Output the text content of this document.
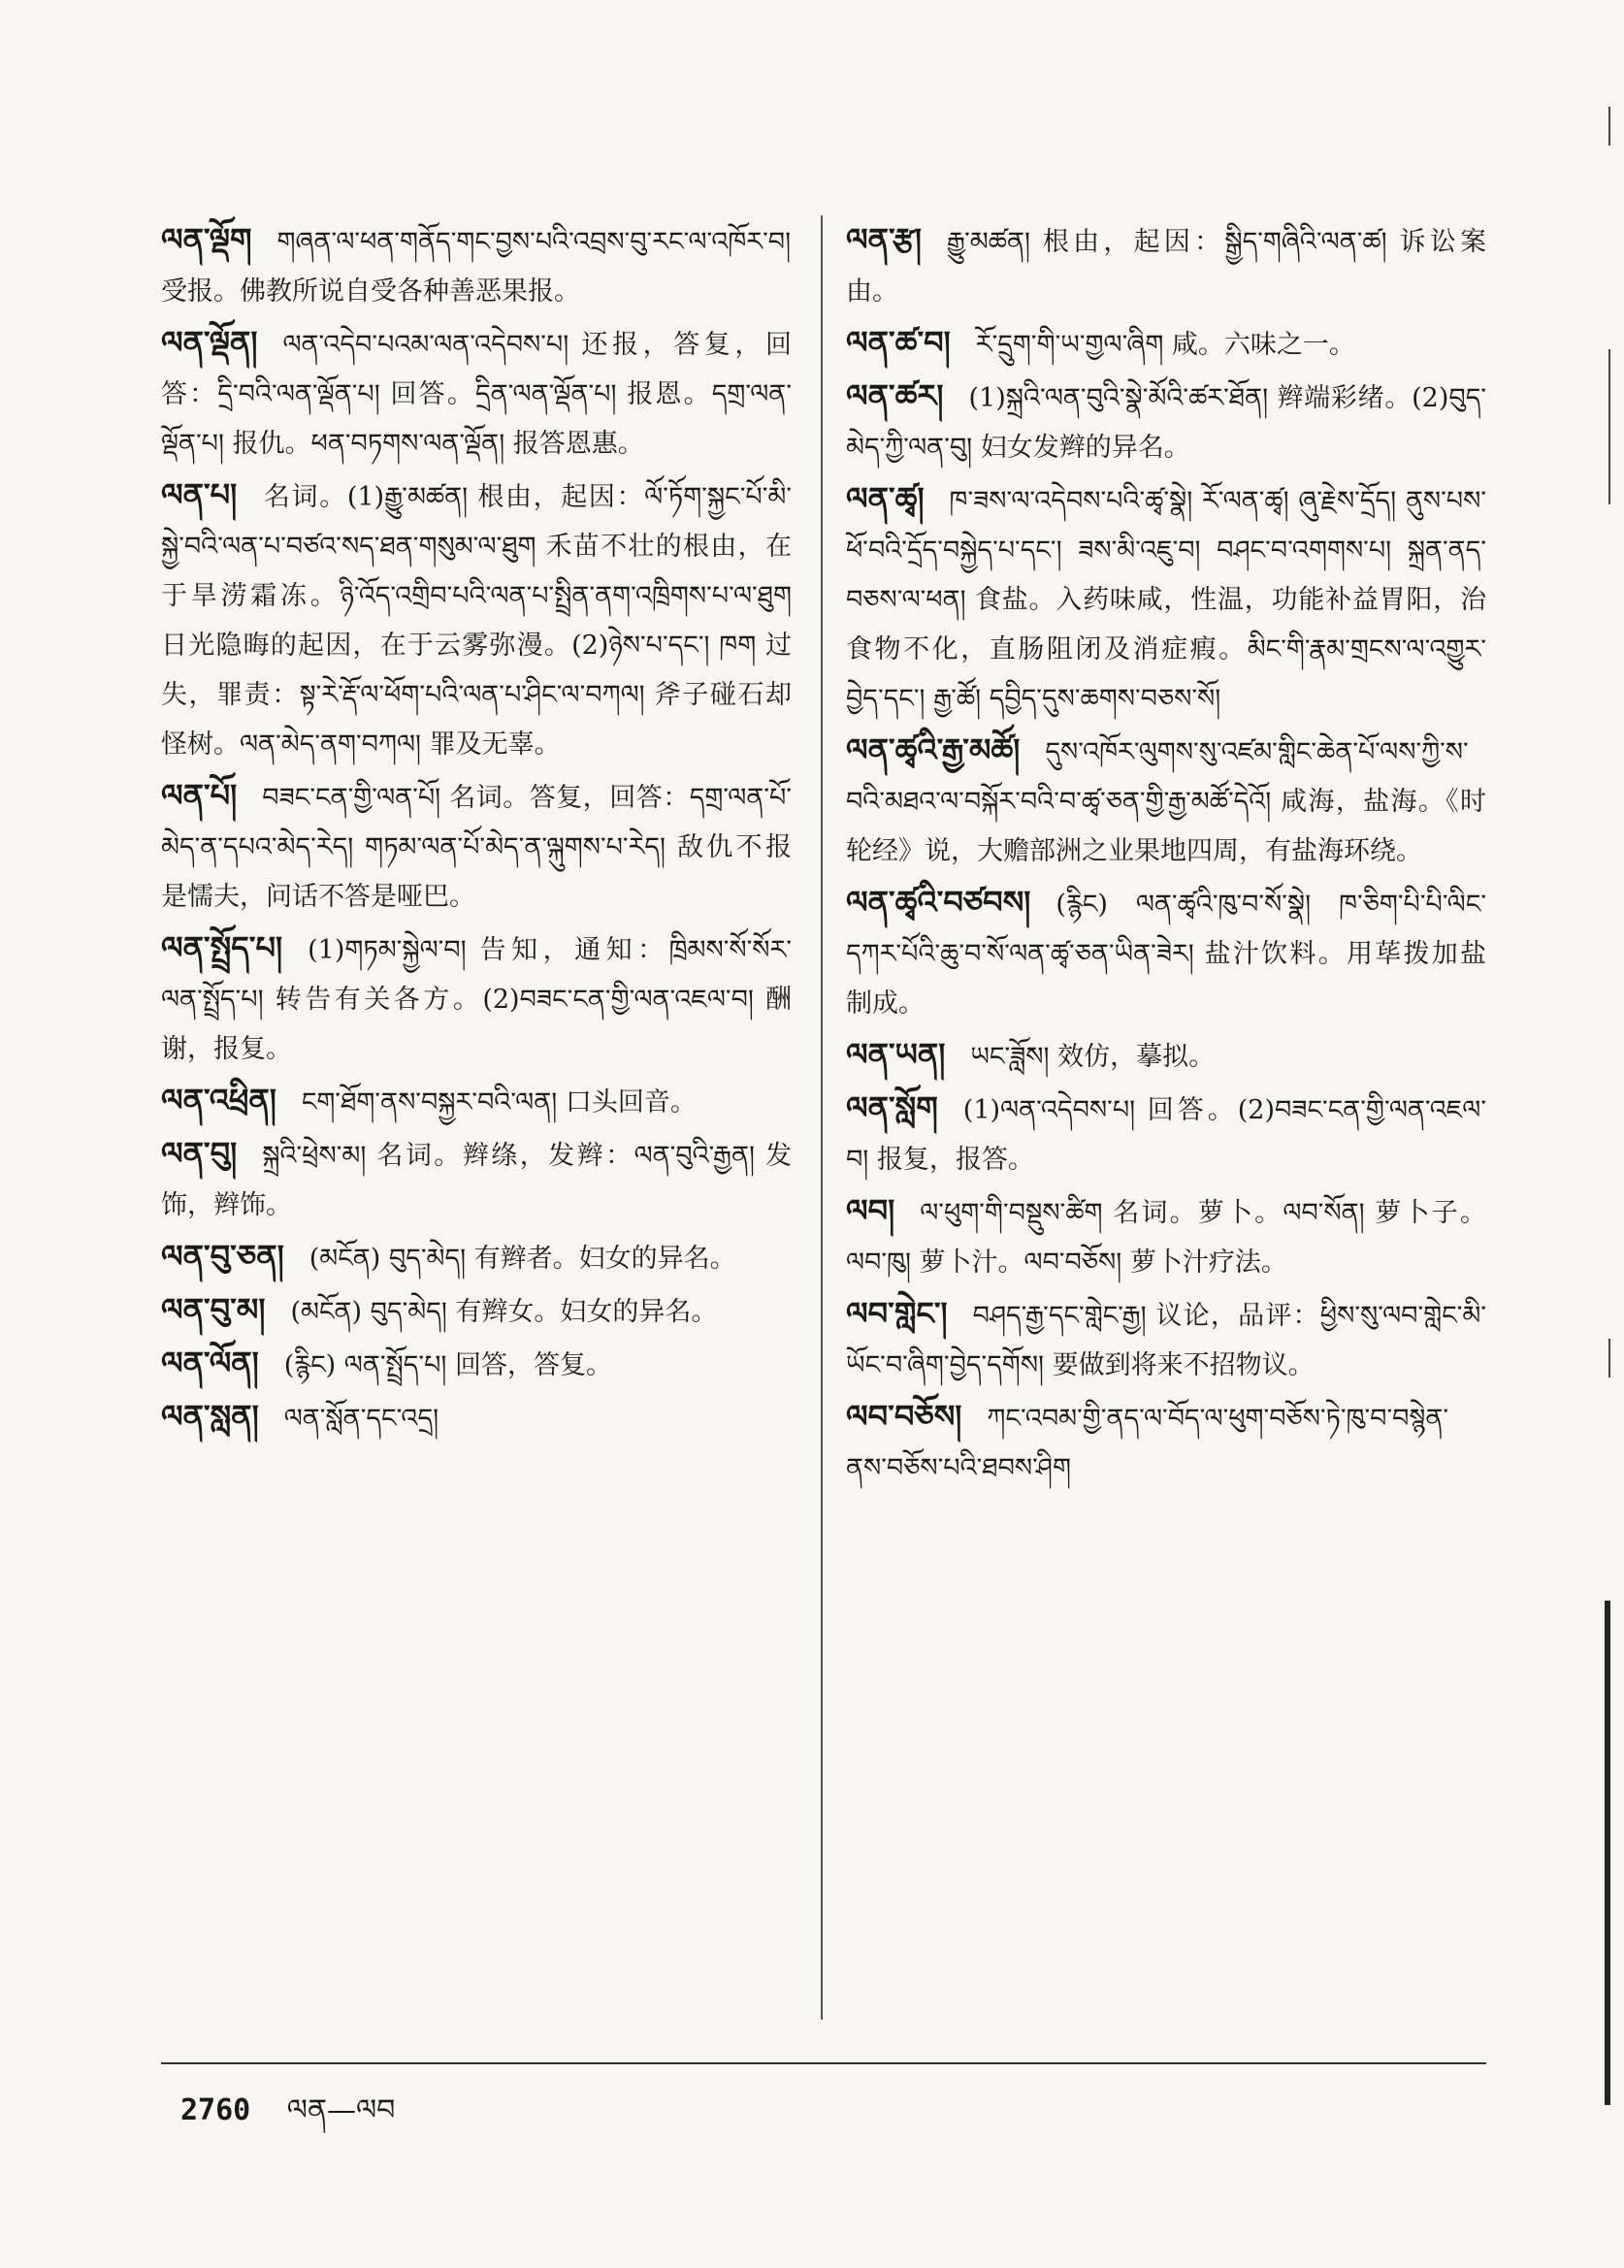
ལན་ལྡོག གཞན་ལ་ཕན་གནོད་གང་བྱས་པའི་འབྲས་བུ་རང་ལ་འཁོར་བ། 受报。佛教所说自受各种善恶果报。
ལན་ལྡོན། ལན་འདེབ་པའམ་ལན་འདེབས་པ། 还报，答复，回答：དྲི་བའི་ལན་ལྡོན་པ། 回答。དྲིན་ལན་ལྡོན་པ། 报恩。དགྲ་ལན་ལྡོན་པ། 报仇。ཕན་བཏགས་ལན་ལྡོན། 报答恩惠。
ལན་པ། 名词。(1)རྒྱུ་མཚན། 根由，起因：ལོ་ཏོག་སྐྱང་པོ་མི་སྐྱེ་བའི་ལན་པ་བཙའ་སད་ཐན་གསུམ་ལ་ཐུག 禾苗不壮的根由，在于旱涝霜冻。ཉི་འོད་འགྲིབ་པའི་ལན་པ་སྤྲིན་ནག་འཁྲིགས་པ་ལ་ཐུག 日光隐晦的起因，在于云雾弥漫。(2)ཉེས་པ་དང་། ཁག 过失，罪责：སྟ་རེ་རྡོ་ལ་ཕོག་པའི་ལན་པ་ཤིང་ལ་བཀལ། 斧子碰石却怪树。ལན་མེད་ནག་བཀལ། 罪及无辜。
ལན་པོ། བཟང་ངན་གྱི་ལན་པོ། 名词。答复，回答：དགྲ་ལན་པོ་མེད་ན་དཔའ་མེད་རེད། གཏམ་ལན་པོ་མེད་ན་ལྐུགས་པ་རེད། 敌仇不报是懦夫，问话不答是哑巴。
ལན་སྤྲོད་པ། (1)གཏམ་སྐྱེལ་བ། 告知，通知：ཁྲིམས་སོ་སོར་ལན་སྤྲོད་པ། 转告有关各方。(2)བཟང་ངན་གྱི་ལན་འཇལ་བ། 酬谢，报复。
ལན་འཕྲིན། ངག་ཐོག་ནས་བསྐྱར་བའི་ལན། 口头回音。
ལན་བུ། སྐྲའི་ཕྲེས་མ། 名词。辫绦，发辫：ལན་བུའི་རྒྱན། 发饰，辫饰。
ལན་བུ་ཅན། (མངོན) བུད་མེད། 有辫者。妇女的异名。
ལན་བུ་མ། (མངོན) བུད་མེད། 有辫女。妇女的异名。
ལན་ལོན། (རྙིང) ལན་སྤྲོད་པ། 回答，答复。
ལན་སླན། ལན་སློན་དང་འདྲ།
ལན་རྩ། རྒྱུ་མཚན། 根由，起因：སྒྱིད་གཞིའི་ལན་ཚ། 诉讼案由。
ལན་ཚ་བ། རོ་དྲུག་གི་ཡ་གྱལ་ཞིག 咸。六味之一。
ལན་ཚར། (1)སྐྲའི་ལན་བུའི་སྣེ་མོའི་ཚར་ཐོན། 辫端彩绪。(2)བུད་མེད་ཀྱི་ལན་བུ། 妇女发辫的异名。
ལན་ཚྭ། ཁ་ཟས་ལ་འདེབས་པའི་ཚྭ་སྣེ། རོ་ལན་ཚྭ། ཞུ་རྗེས་དྲོད། ནུས་པས་ཕོ་བའི་དྲོད་བསྐྱེད་པ་དང་། ཟས་མི་འཇུ་བ། བཤང་བ་འགགས་པ། སྐྲན་ནད་བཅས་ལ་ཕན། 食盐。入药味咸，性温，功能补益胃阳，治食物不化，直肠阻闭及消症瘕。མིང་གི་རྣམ་གྲངས་ལ་འགྱུར་བྱེད་དང་། རྒྱ་ཚོ། དབྱིད་དུས་ཆགས་བཅས་སོ།
ལན་ཚྭའི་རྒྱ་མཚོ། དུས་འཁོར་ལུགས་སུ་འཛམ་གླིང་ཆེན་པོ་ལས་ཀྱི་ས་བའི་མཐའ་ལ་བསྐོར་བའི་བ་ཚྭ་ཅན་གྱི་རྒྱ་མཚོ་དེའོ། 咸海，盐海。《时轮经》说，大赡部洲之业果地四周，有盐海环绕。
ལན་ཚྭའི་བཙབས། (རྙིང) ལན་ཚྭའི་ཁུ་བ་སོ་སྣེ། ཁ་ཅིག་པི་པི་ལིང་དཀར་པོའི་ཆུ་བ་སོ་ལན་ཚྭ་ཅན་ཡིན་ཟེར། 盐汁饮料。用荜拨加盐制成。
ལན་ཡན། ཡང་ཟློས། 效仿，摹拟。
ལན་སློག (1)ལན་འདེབས་པ། 回答。(2)བཟང་ངན་གྱི་ལན་འཇལ་བ། 报复，报答。
ལབ། ལ་ཕུག་གི་བསྡུས་ཚིག 名词。萝卜。ལབ་སོན། 萝卜子。ལབ་ཁུ། 萝卜汁。ལབ་བཅོས། 萝卜汁疗法。
ལབ་གླེང་། བཤད་རྒྱ་དང་གླེང་རྒྱ། 议论，品评：ཕྱིས་སུ་ལབ་གླེང་མི་ཡོང་བ་ཞིག་བྱེད་དགོས། 要做到将来不招物议。
ལབ་བཅོས། ཀང་འབམ་གྱི་ནད་ལ་བོད་ལ་ཕུག་བཅོས་ཏེ་ཁུ་བ་བསྙེན་ནས་བཅོས་པའི་ཐབས་ཤིག
2760 ལན—ལབ
